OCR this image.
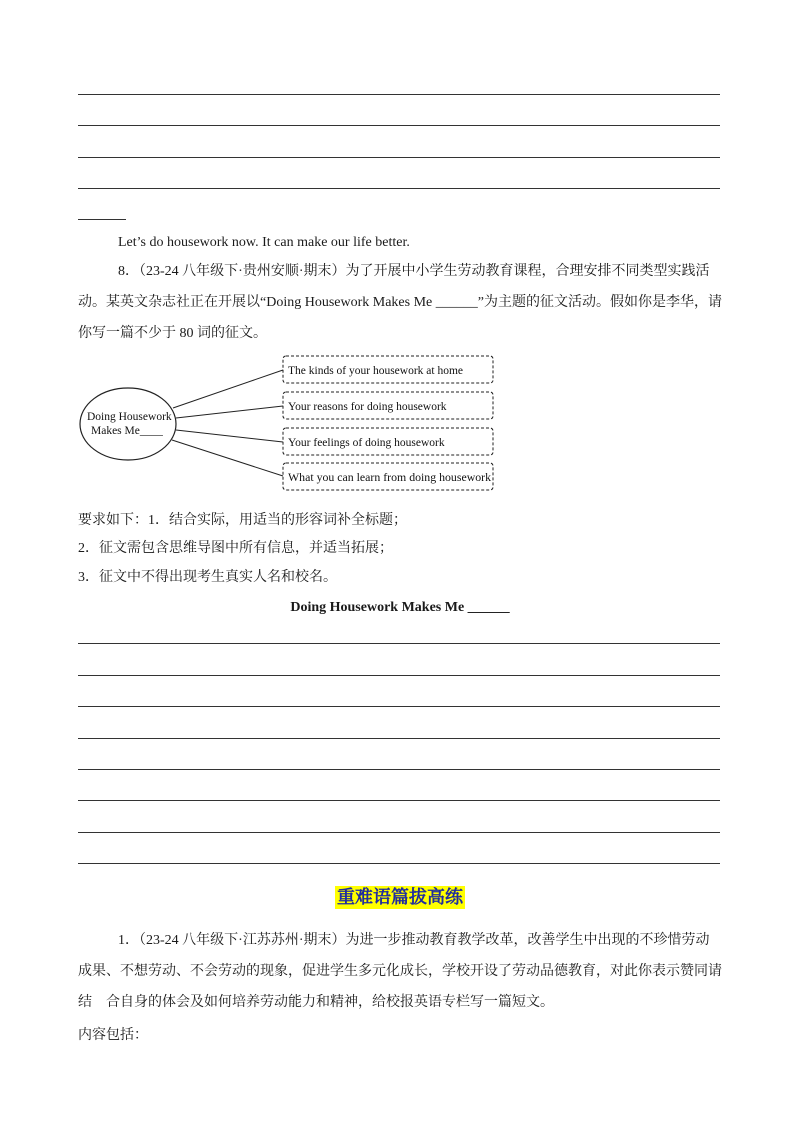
Let’s do housework now. It can make our life better.
8．（23-24 八年级下·贵州安顺·期末）为了开展中小学生劳动教育课程，合理安排不同类型实践活动。某英文杂志社正在开展以“Doing Housework Makes Me ______”为主题的征文活动。假如你是李华，请你写一篇不少于 80 词的征文。
Doing Housework
Makes Me____
The kinds of your housework at home
Your reasons for doing housework
Your feelings of doing housework
What you can learn from doing housework
要求如下：1．结合实际，用适当的形容词补全标题；
2．征文需包含思维导图中所有信息，并适当拓展；
3．征文中不得出现考生真实人名和校名。
Doing Housework Makes Me ______
重难语篇拔高练
1．（23-24 八年级下·江苏苏州·期末）为进一步推动教育教学改革，改善学生中出现的不珍惜劳动成果、不想劳动、不会劳动的现象，促进学生多元化成长，学校开设了劳动品德教育，对此你表示赞同请结　合自身的体会及如何培养劳动能力和精神，给校报英语专栏写一篇短文。
内容包括：
